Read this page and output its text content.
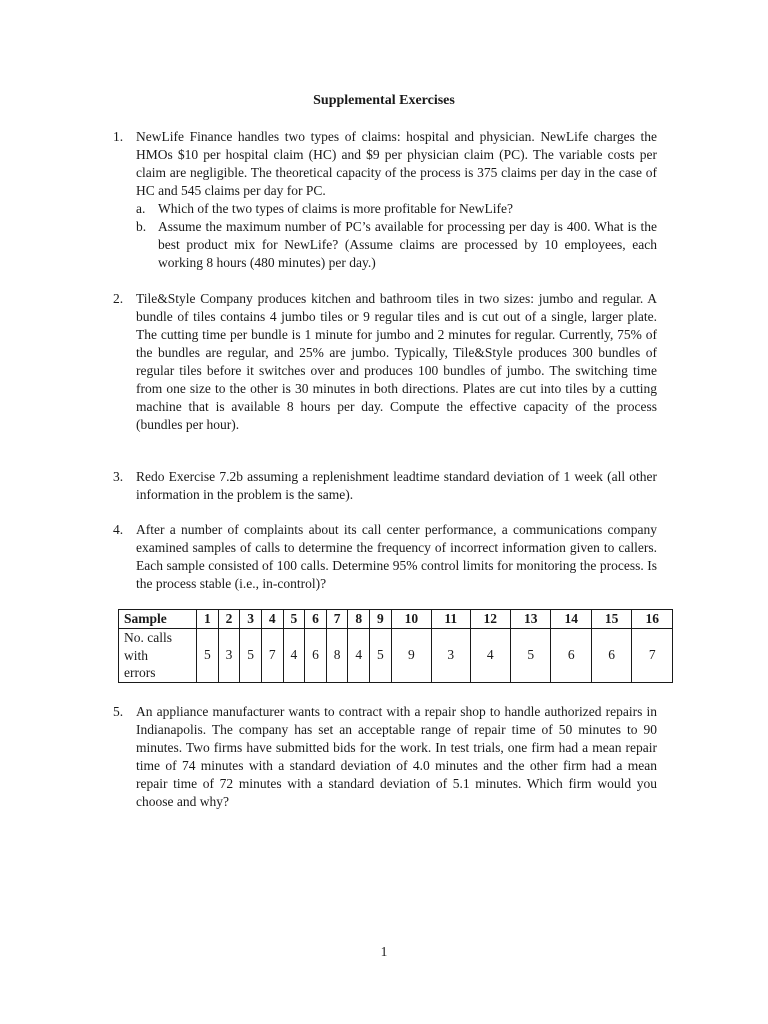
Supplemental Exercises
1. NewLife Finance handles two types of claims: hospital and physician. NewLife charges the HMOs $10 per hospital claim (HC) and $9 per physician claim (PC). The variable costs per claim are negligible. The theoretical capacity of the process is 375 claims per day in the case of HC and 545 claims per day for PC.
a. Which of the two types of claims is more profitable for NewLife?
b. Assume the maximum number of PC’s available for processing per day is 400. What is the best product mix for NewLife? (Assume claims are processed by 10 employees, each working 8 hours (480 minutes) per day.)
2. Tile&Style Company produces kitchen and bathroom tiles in two sizes: jumbo and regular. A bundle of tiles contains 4 jumbo tiles or 9 regular tiles and is cut out of a single, larger plate. The cutting time per bundle is 1 minute for jumbo and 2 minutes for regular. Currently, 75% of the bundles are regular, and 25% are jumbo. Typically, Tile&Style produces 300 bundles of regular tiles before it switches over and produces 100 bundles of jumbo. The switching time from one size to the other is 30 minutes in both directions. Plates are cut into tiles by a cutting machine that is available 8 hours per day. Compute the effective capacity of the process (bundles per hour).
3. Redo Exercise 7.2b assuming a replenishment leadtime standard deviation of 1 week (all other information in the problem is the same).
4. After a number of complaints about its call center performance, a communications company examined samples of calls to determine the frequency of incorrect information given to callers. Each sample consisted of 100 calls. Determine 95% control limits for monitoring the process. Is the process stable (i.e., in-control)?
Sample	1	2	3	4	5	6	7	8	9	10	11	12	13	14	15	16
No. calls
with
errors	5	3	5	7	4	6	8	4	5	9	3	4	5	6	6	7
5. An appliance manufacturer wants to contract with a repair shop to handle authorized repairs in Indianapolis. The company has set an acceptable range of repair time of 50 minutes to 90 minutes. Two firms have submitted bids for the work. In test trials, one firm had a mean repair time of 74 minutes with a standard deviation of 4.0 minutes and the other firm had a mean repair time of 72 minutes with a standard deviation of 5.1 minutes. Which firm would you choose and why?
1
